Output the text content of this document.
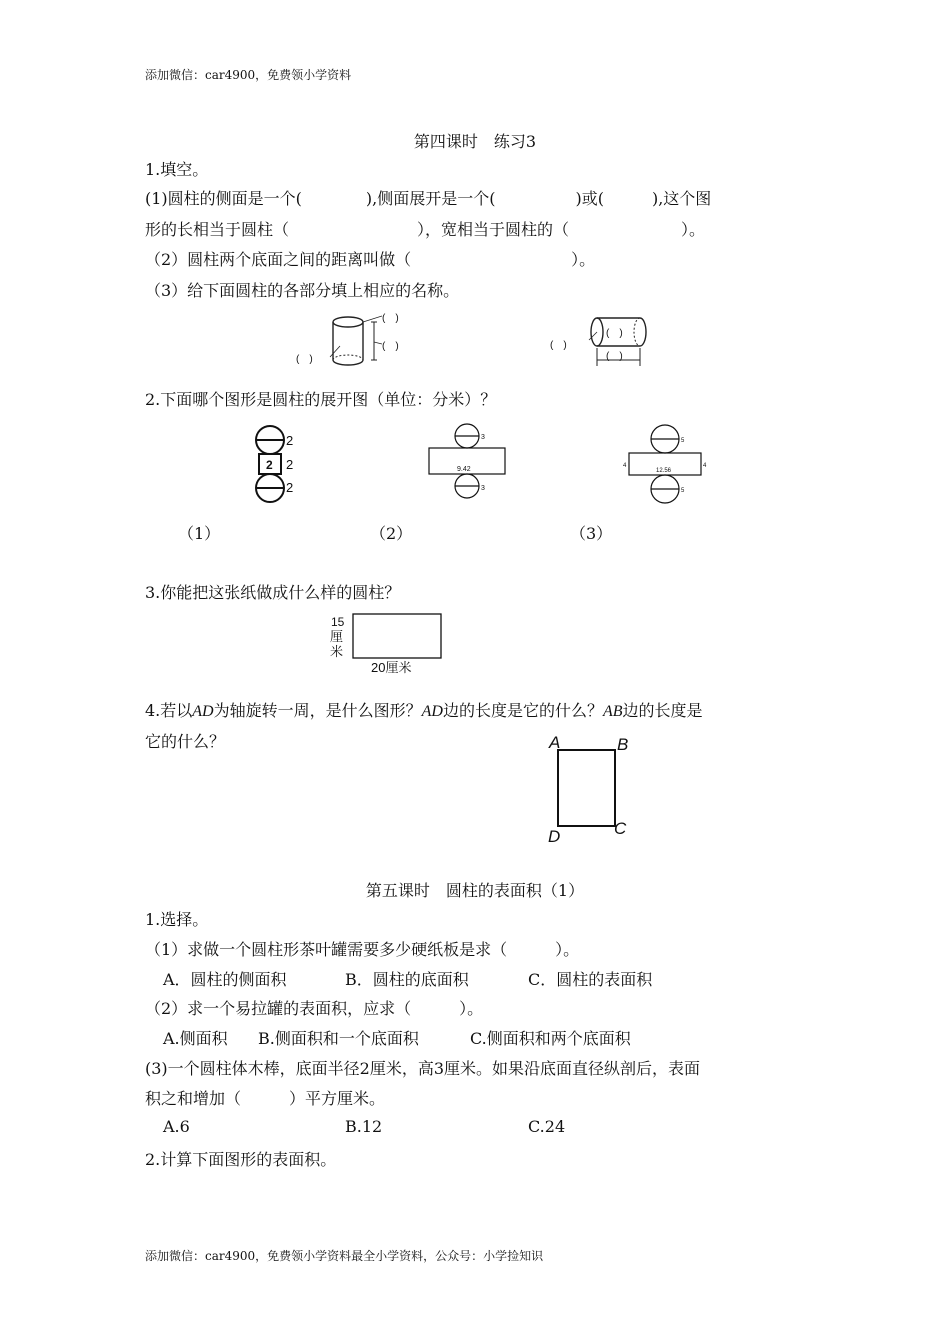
添加微信：car4900，免费领小学资料
第四课时　练习3
1.填空。
(1)圆柱的侧面是一个(　　　　),侧面展开是一个(　　　　　)或(　　　),这个图
形的长相当于圆柱（　　　　　　　　），宽相当于圆柱的（　　　　　　　）。
（2）圆柱两个底面之间的距离叫做（　　　　　　　　　　）。
（3）给下面圆柱的各部分填上相应的名称。
(　)
(　)
(　)
(　)
(　)
(　)
2.下面哪个图形是圆柱的展开图（单位：分米）？
2
2 2
2
3
9.42
3
5
4
12.56
4
5
（1）	（2）	（3）
3.你能把这张纸做成什么样的圆柱？
15
厘
米
20厘米
4.若以AD为轴旋转一周，是什么图形？AD边的长度是它的什么？AB边的长度是
它的什么？	A	B
C
D
第五课时　圆柱的表面积（1）
1.选择。
（1）求做一个圆柱形茶叶罐需要多少硬纸板是求（　　　）。
A．圆柱的侧面积	B．圆柱的底面积	C．圆柱的表面积
（2）求一个易拉罐的表面积，应求（　　　）。
A.侧面积 B.侧面积和一个底面积	C.侧面积和两个底面积
(3)一个圆柱体木棒，底面半径2厘米，高3厘米。如果沿底面直径纵剖后，表面
积之和增加（　　　）平方厘米。
A.6	B.12	C.24
2.计算下面图形的表面积。
添加微信：car4900，免费领小学资料最全小学资料，公众号：小学捡知识
